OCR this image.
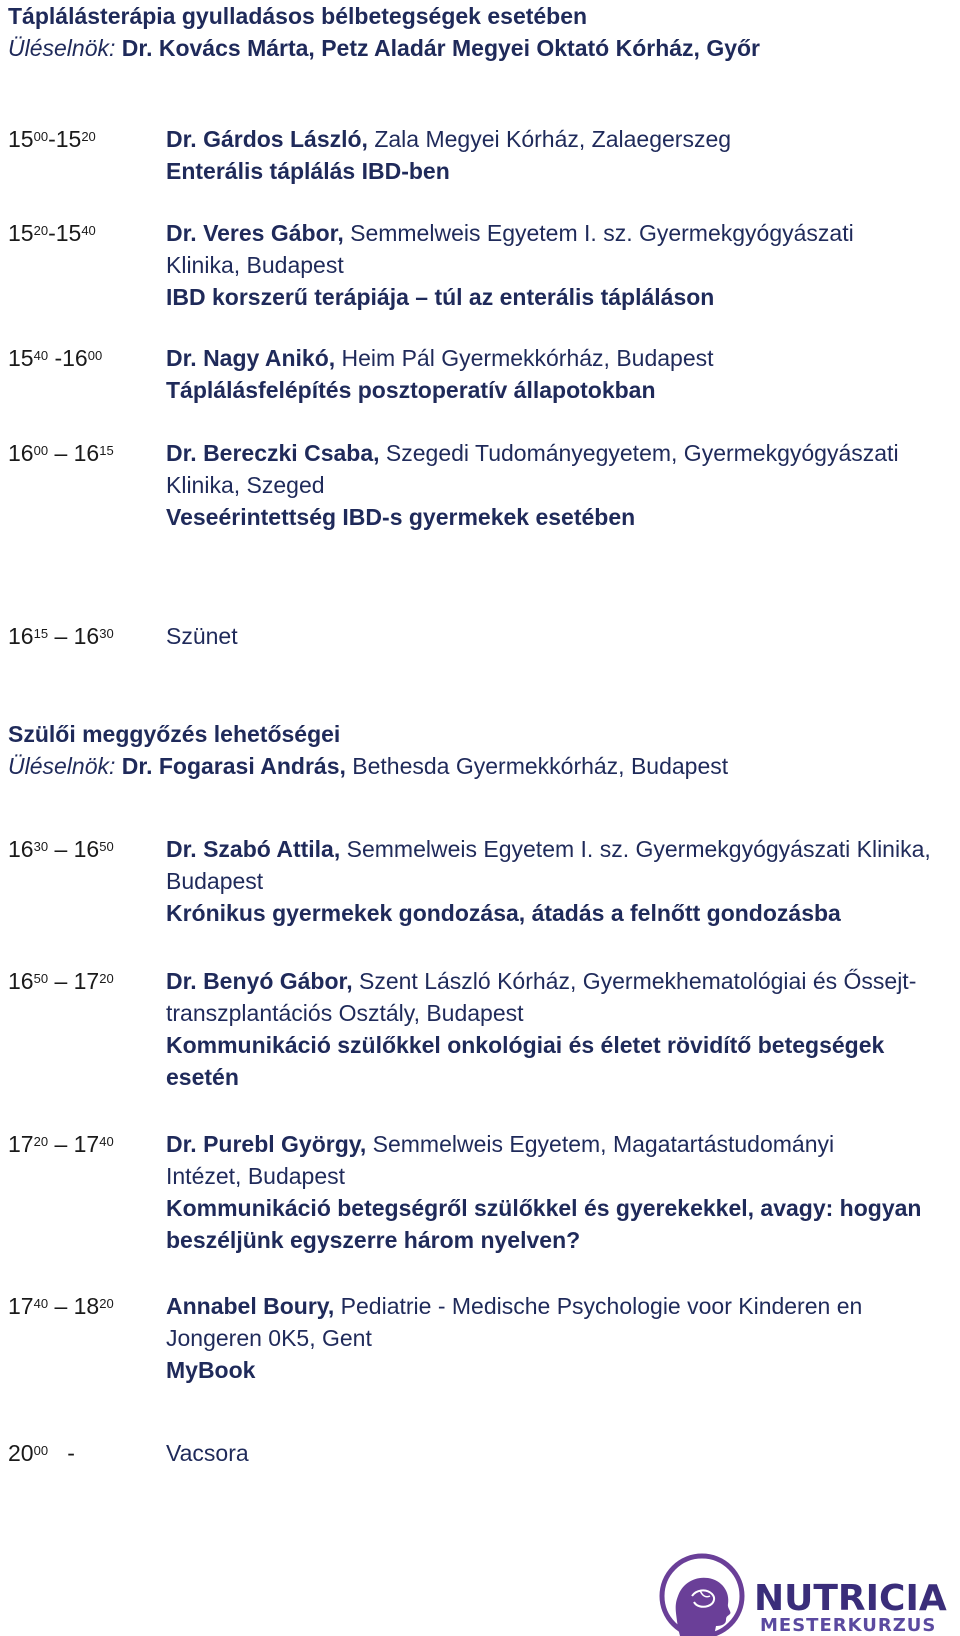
Táplálásterápia gyulladásos bélbetegségek esetében
Üléselnök: Dr. Kovács Márta, Petz Aladár Megyei Oktató Kórház, Győr
$15^{00}-15^{20}$	Dr. Gárdos László, Zala Megyei Kórház, Zalaegerszeg
Enterális táplálás IBD-ben
$15^{20}-15^{40}$	Dr. Veres Gábor, Semmelweis Egyetem I. sz. Gyermekgyógyászati
Klinika, Budapest
IBD korszerű terápiája – túl az enterális tápláláson
$15^{40}$ $-16^{00}$	Dr. Nagy Anikó, Heim Pál Gyermekkórház, Budapest
Táplálásfelépítés posztoperatív állapotokban
$16^{00} - 16^{15}$ Dr. Bereczki Csaba, Szegedi Tudományegyetem, Gyermekgyógyászati
Klinika, Szeged
Veseérintettség IBD-s gyermekek esetében
$16^{15} - 16^{30}$ Szünet
Szülői meggyőzés lehetőségei
Üléselnök: Dr. Fogarasi András, Bethesda Gyermekkórház, Budapest
$16^{30} - 16^{50}$ Dr. Szabó Attila, Semmelweis Egyetem I. sz. Gyermekgyógyászati Klinika,
Budapest
Krónikus gyermekek gondozása, átadás a felnőtt gondozásba
$16^{50} - 17^{20}$ Dr. Benyó Gábor, Szent László Kórház, Gyermekhematológiai és Őssejt-
transzplantációs Osztály, Budapest
Kommunikáció szülőkkel onkológiai és életet rövidítő betegségek
esetén
$17^{20} - 17^{40}$ Dr. Purebl György, Semmelweis Egyetem, Magatartástudományi
Intézet, Budapest
Kommunikáció betegségről szülőkkel és gyerekekkel, avagy: hogyan
beszéljünk egyszerre három nyelven?
$17^{40} - 18^{20}$ Annabel Boury, Pediatrie - Medische Psychologie voor Kinderen en
Jongeren 0K5, Gent
MyBook
$20^{00}$   -	Vacsora
NUTRICIA
MESTERKURZUS
